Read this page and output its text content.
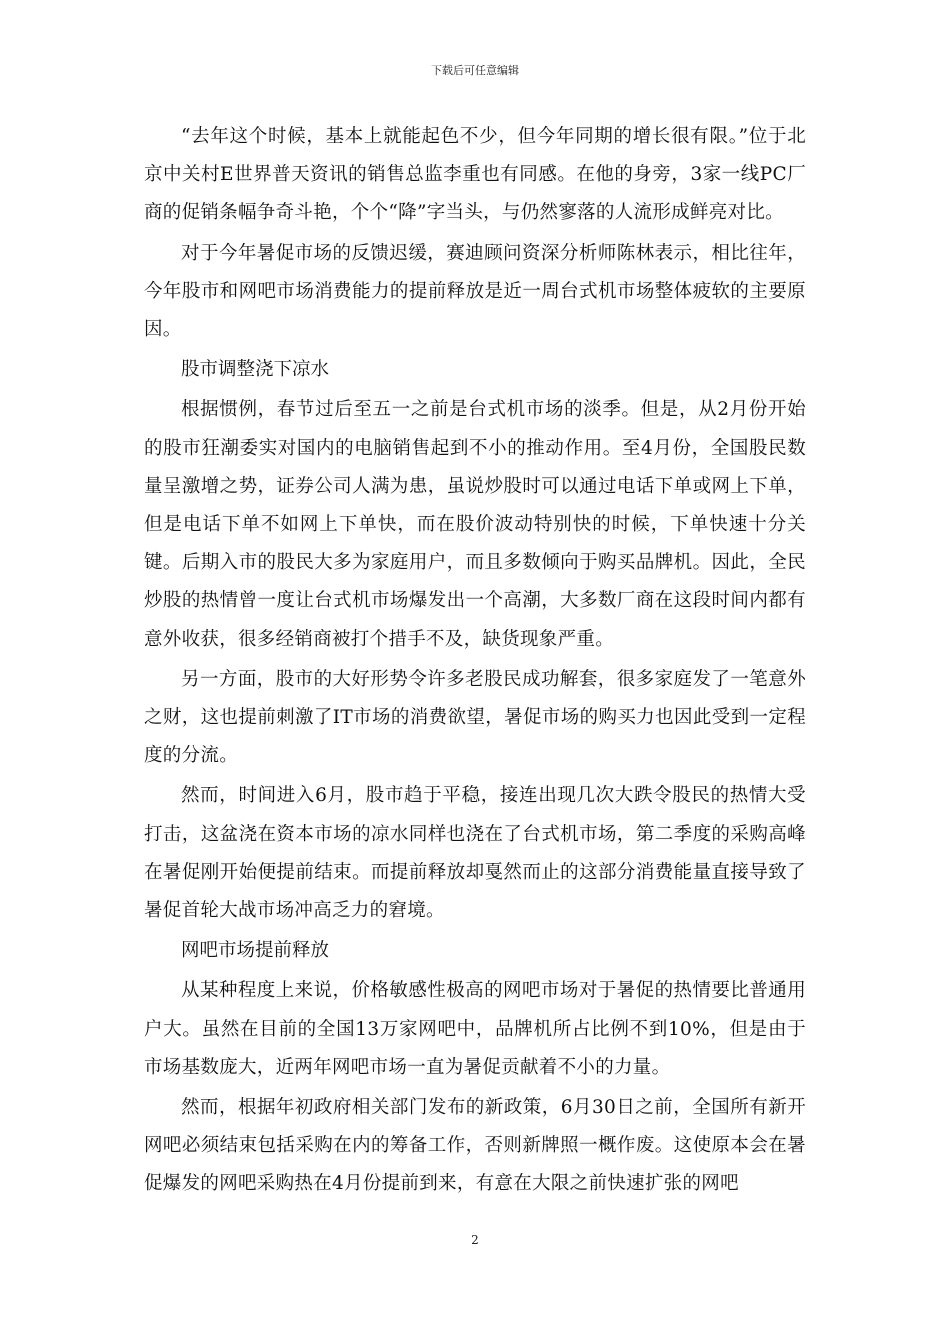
下载后可任意编辑

“去年这个时候，基本上就能起色不少，但今年同期的增长很有限。”位于北京中关村E世界普天资讯的销售总监李重也有同感。在他的身旁，3家一线PC厂商的促销条幅争奇斗艳，个个“降”字当头，与仍然寥落的人流形成鲜亮对比。

对于今年暑促市场的反馈迟缓，赛迪顾问资深分析师陈林表示，相比往年，今年股市和网吧市场消费能力的提前释放是近一周台式机市场整体疲软的主要原因。

股市调整浇下凉水

根据惯例，春节过后至五一之前是台式机市场的淡季。但是，从2月份开始的股市狂潮委实对国内的电脑销售起到不小的推动作用。至4月份，全国股民数量呈激增之势，证券公司人满为患，虽说炒股时可以通过电话下单或网上下单，但是电话下单不如网上下单快，而在股价波动特别快的时候，下单快速十分关键。后期入市的股民大多为家庭用户，而且多数倾向于购买品牌机。因此，全民炒股的热情曾一度让台式机市场爆发出一个高潮，大多数厂商在这段时间内都有意外收获，很多经销商被打个措手不及，缺货现象严重。

另一方面，股市的大好形势令许多老股民成功解套，很多家庭发了一笔意外之财，这也提前刺激了IT市场的消费欲望，暑促市场的购买力也因此受到一定程度的分流。

然而，时间进入6月，股市趋于平稳，接连出现几次大跌令股民的热情大受打击，这盆浇在资本市场的凉水同样也浇在了台式机市场，第二季度的采购高峰在暑促刚开始便提前结束。而提前释放却戛然而止的这部分消费能量直接导致了暑促首轮大战市场冲高乏力的窘境。

网吧市场提前释放

从某种程度上来说，价格敏感性极高的网吧市场对于暑促的热情要比普通用户大。虽然在目前的全国13万家网吧中，品牌机所占比例不到10%，但是由于市场基数庞大，近两年网吧市场一直为暑促贡献着不小的力量。

然而，根据年初政府相关部门发布的新政策，6月30日之前，全国所有新开网吧必须结束包括采购在内的筹备工作，否则新牌照一概作废。这使原本会在暑促爆发的网吧采购热在4月份提前到来，有意在大限之前快速扩张的网吧

2
